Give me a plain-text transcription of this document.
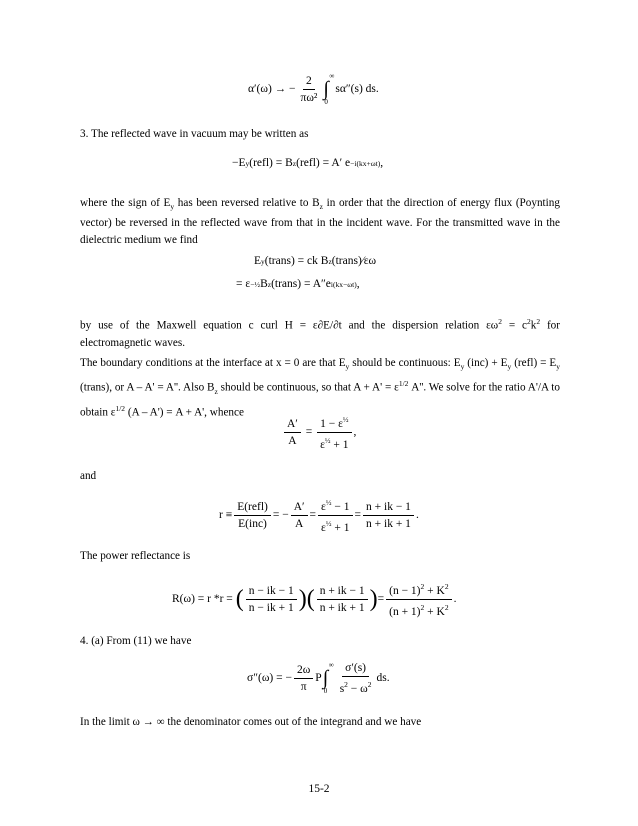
α′(ω) → − $\frac{2}{\text{πω²}}$ ∞
∫
0
sα″(s) ds.
3. The reflected wave in vacuum may be written as
−E y (refl) = B z (refl) = A′ e −i(kx+ωt) ,
where the sign of $E_y$ has been reversed relative to $B_z$ in order that the direction of energy flux (Poynting vector) be reversed in the reflected wave from that in the incident wave. For the transmitted wave in the dielectric medium we find
E y (trans) = ck B z (trans)⁄εω
= ε −½ B z (trans) = A″e i(kx−ωt) ,
by use of the Maxwell equation c curl H = ε∂E/∂t and the dispersion relation $\varepsilon\omega^2 = c^2k^2$ for electromagnetic waves.
The boundary conditions at the interface at x = 0 are that $E_y$ should be continuous: $E_y$ $(inc) + E_y$ (refl) = $E_y$ (trans), or A – A' = A''. Also $B_z$ should be continuous, so that $A + A' = \varepsilon^{1/2}$ A''. We solve for the ratio A'/A to obtain $\varepsilon^{1/2}$ (A – A') = A + A', whence
$\frac{A'}{A} = \frac{1 - \varepsilon^{\frac{1}{2}}}{\varepsilon^{\frac{1}{2}} + 1}$ ,
and
$r \equiv \frac{\text{E(refl)}}{\text{E(inc)}}$ = − $\frac{A'}{A} = \frac{\varepsilon^{\frac{1}{2}} - 1}{\varepsilon^{\frac{1}{2}} + 1} = \frac{n + ik - 1}{n + ik + 1}$ .
The power reflectance is
R(ω) = r *r = ( $\frac{n - ik - 1}{n - ik + 1}$ )( $\frac{n + ik - 1}{n + ik + 1}$ ) = $\frac{(n - 1)^2 + K^2}{(n + 1)^2 + K^2}$ .
4. (a) From (11) we have
σ″(ω) = − $\frac{2\omega}{\pi}$ P
∞
∫
$0 \frac{\sigma'(s)}{s^2 - \omega^2}$ ds.
In the limit ω → ∞ the denominator comes out of the integrand and we have
15-2
